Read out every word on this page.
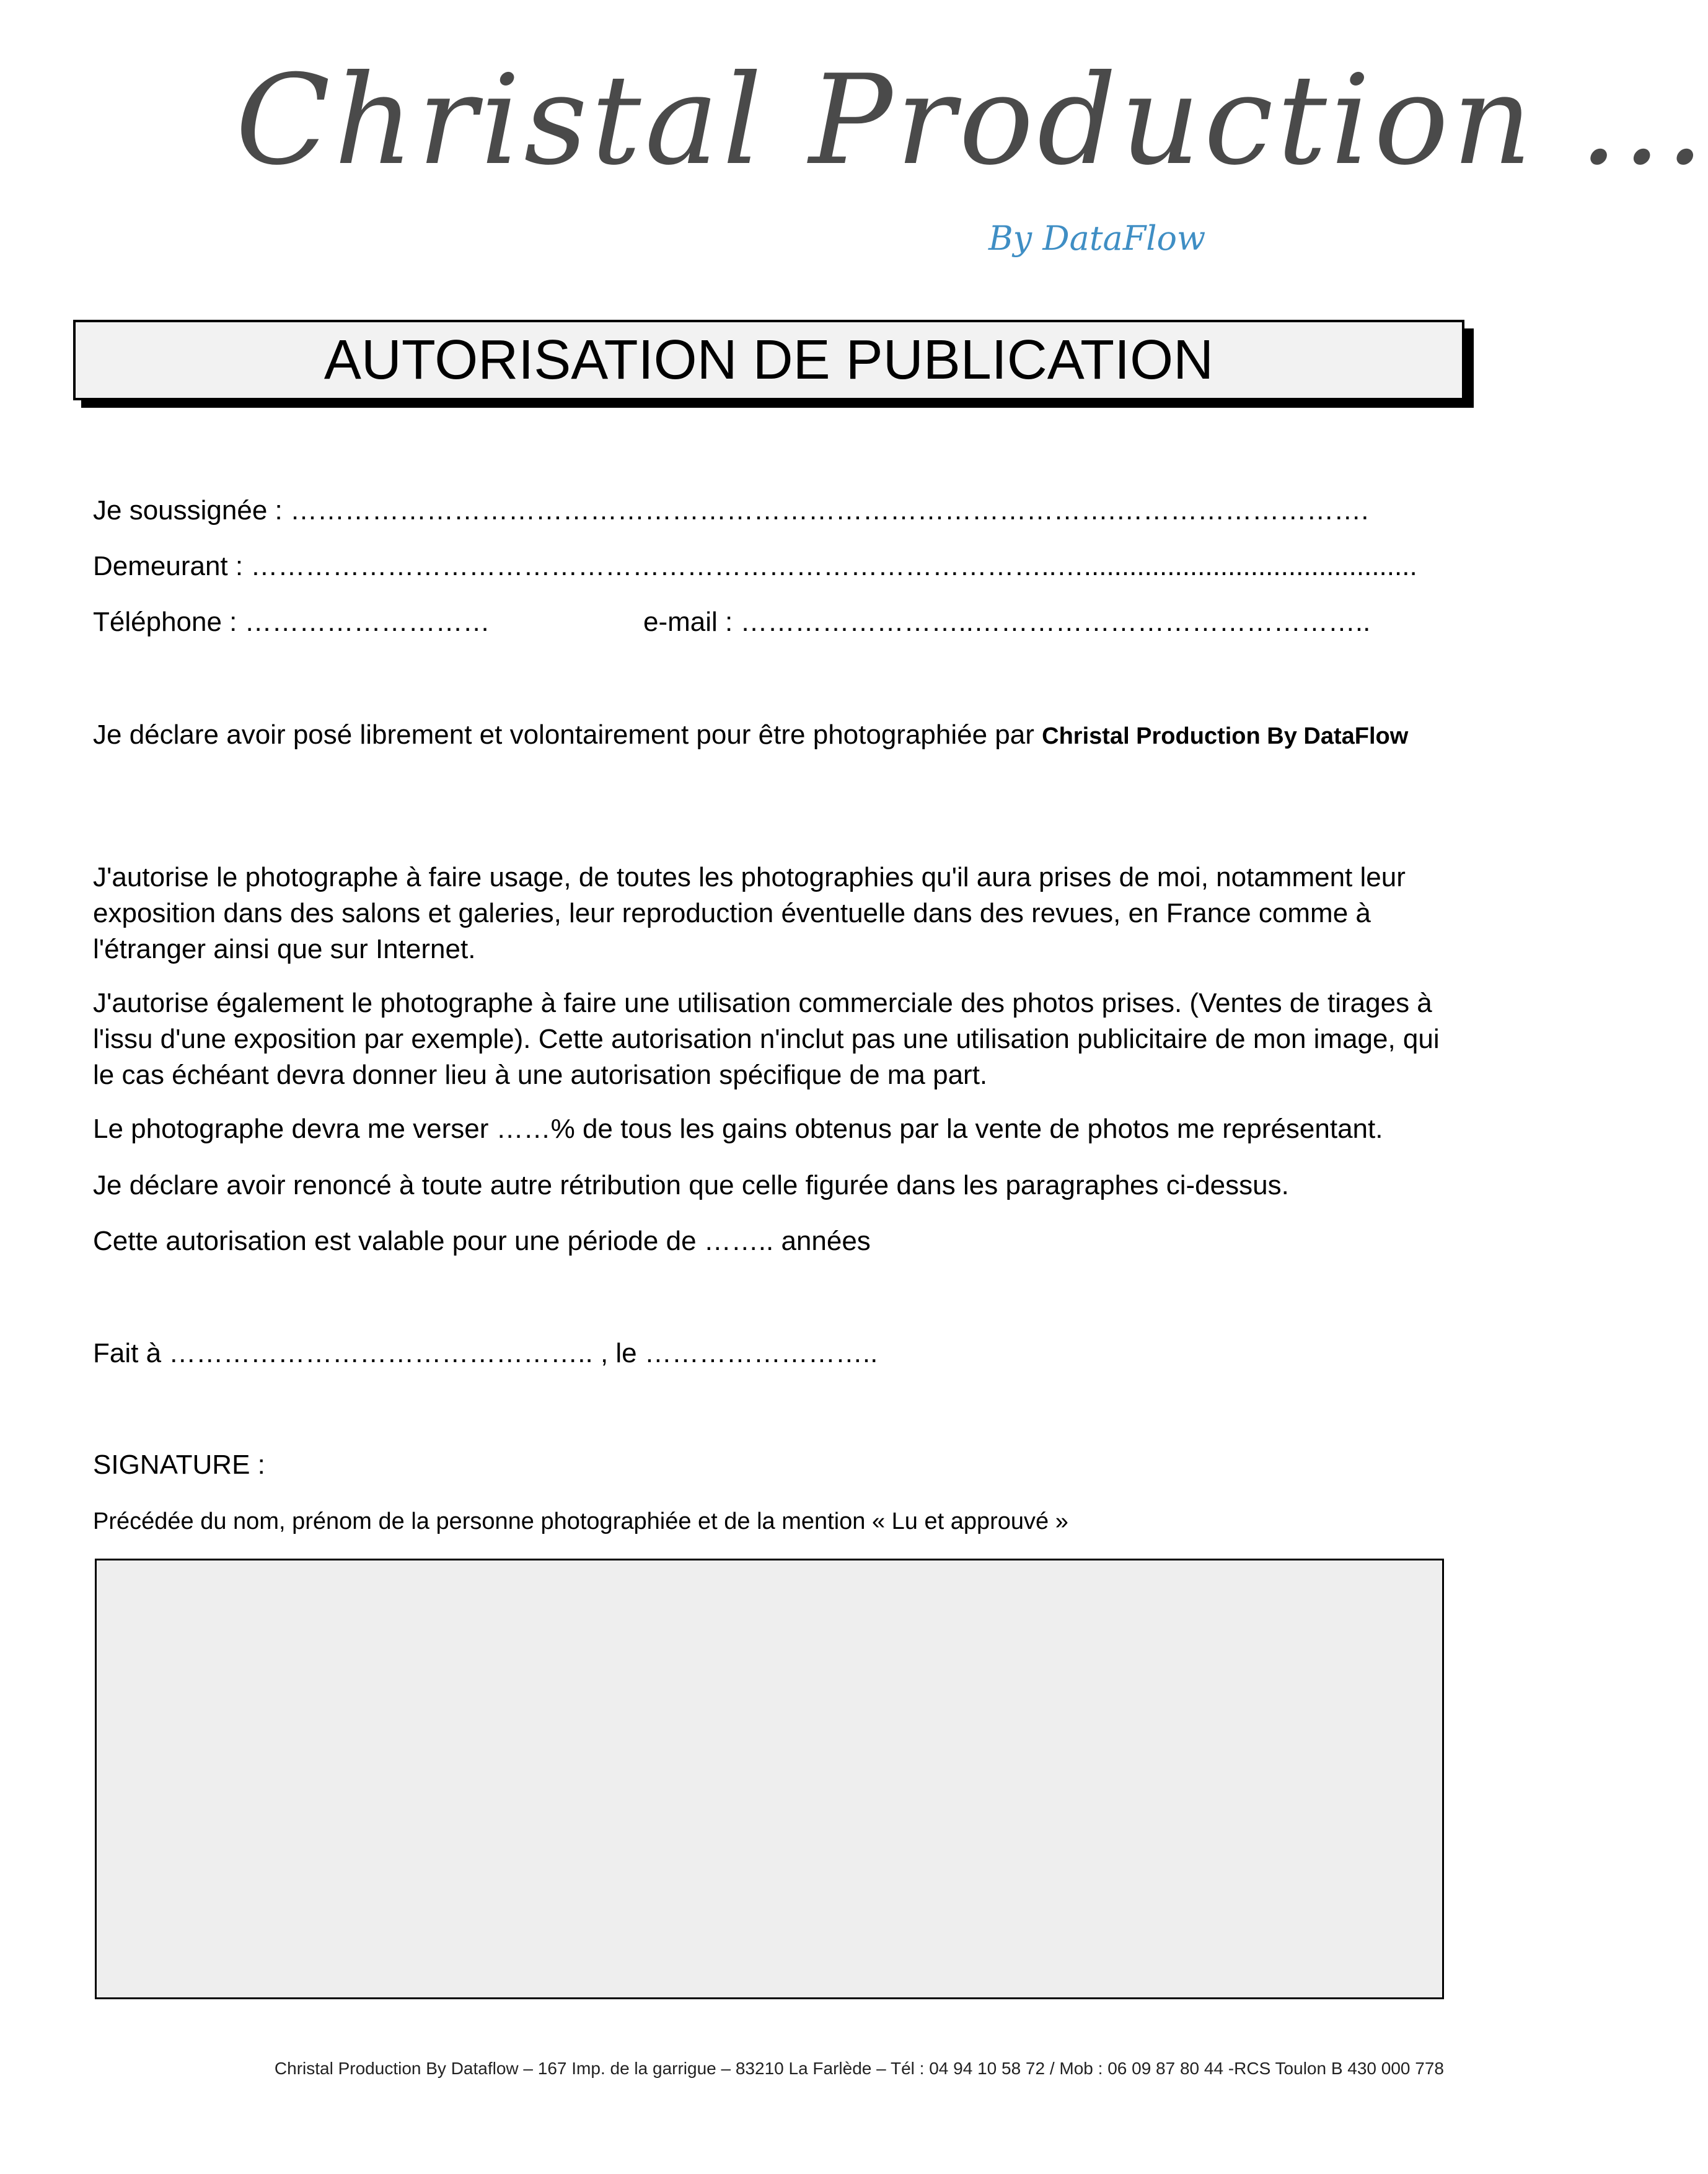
Christal Production ...
By DataFlow
AUTORISATION DE PUBLICATION
Je soussignée : ……………………………………………………………………………….……………………….
Demeurant : ……………………………………………………………………………..…............................................
Téléphone : ………………………	e-mail : ……………………..……………………………………..
Je déclare avoir posé librement et volontairement pour être photographiée par Christal Production By DataFlow
J'autorise le photographe à faire usage, de toutes les photographies qu'il aura prises de moi, notamment leur exposition dans des salons et galeries, leur reproduction éventuelle dans des revues, en France comme à l'étranger ainsi que sur Internet.
J'autorise également le photographe à faire une utilisation commerciale des photos prises. (Ventes de tirages à l'issu d'une exposition par exemple). Cette autorisation n'inclut pas une utilisation publicitaire de mon image, qui le cas échéant devra donner lieu à une autorisation spécifique de ma part.
Le photographe devra me verser ……% de tous les gains obtenus par la vente de photos me représentant.
Je déclare avoir renoncé à toute autre rétribution que celle figurée dans les paragraphes ci-dessus.
Cette autorisation est valable pour une période de …….. années
Fait à ……………………………………….. , le ……………………..
SIGNATURE :
Précédée du nom, prénom de la personne photographiée et de la mention « Lu et approuvé »
Christal Production By Dataflow – 167 Imp. de la garrigue – 83210 La Farlède – Tél : 04 94 10 58 72 / Mob : 06 09 87 80 44 -RCS Toulon B 430 000 778
